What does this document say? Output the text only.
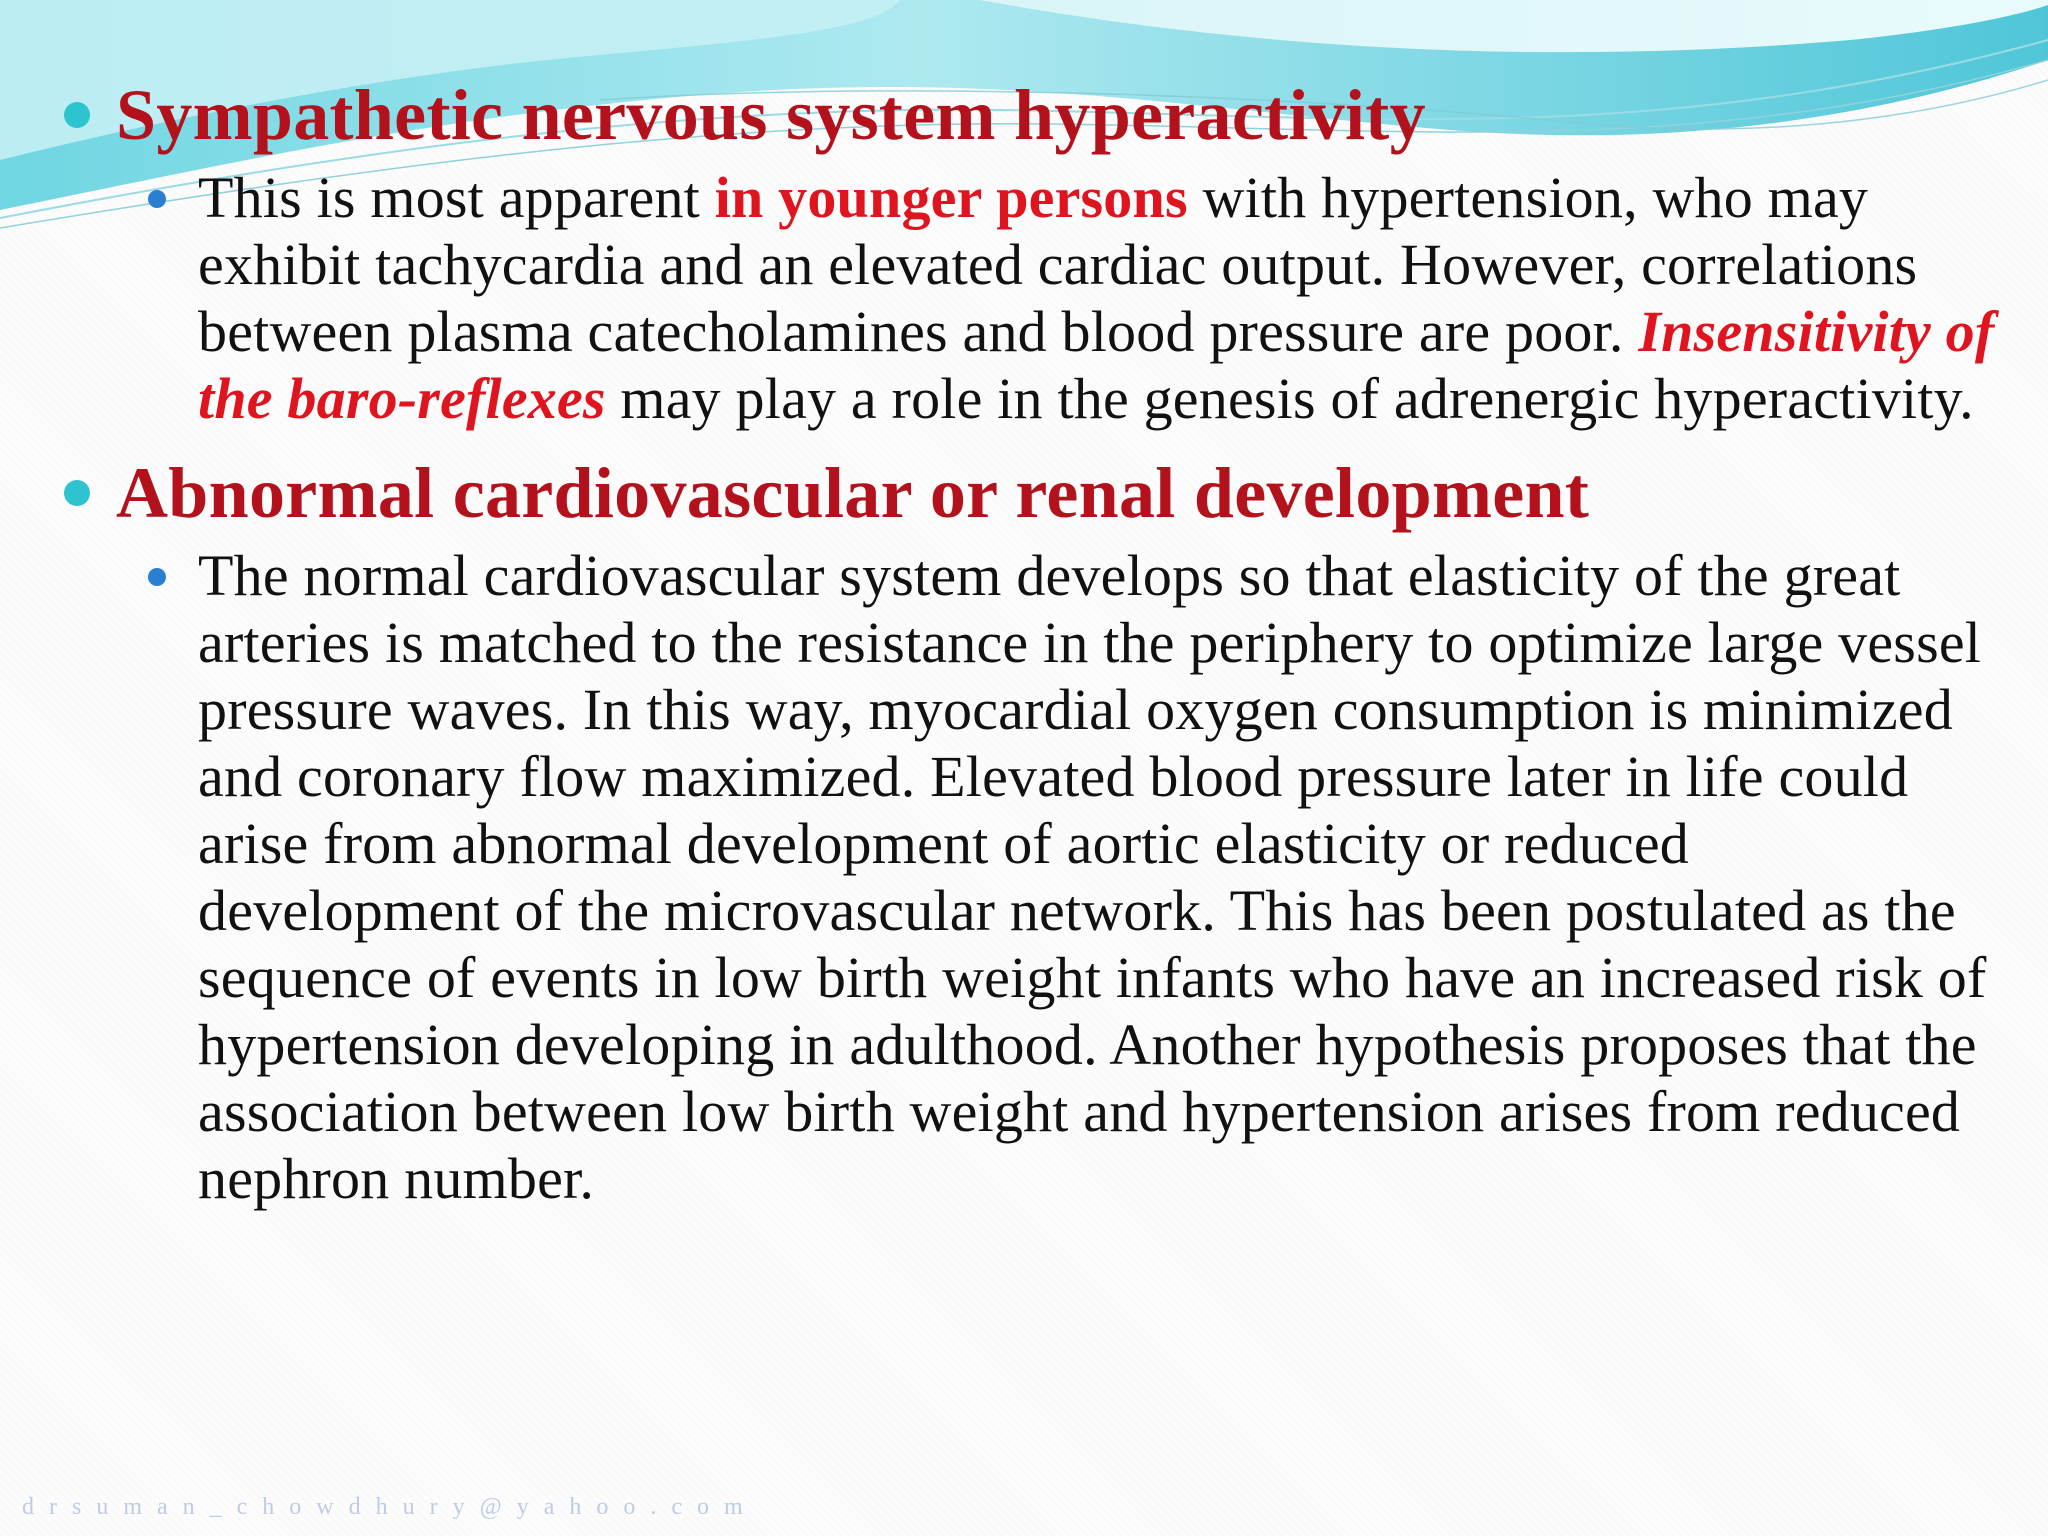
Sympathetic nervous system hyperactivity
This is most apparent in younger persons with hypertension, who may exhibit tachycardia and an elevated cardiac output. However, correlations between plasma catecholamines and blood pressure are poor. Insensitivity of the baro-reflexes may play a role in the genesis of adrenergic hyperactivity.
Abnormal cardiovascular or renal development
The normal cardiovascular system develops so that elasticity of the great arteries is matched to the resistance in the periphery to optimize large vessel pressure waves. In this way, myocardial oxygen consumption is minimized and coronary flow maximized. Elevated blood pressure later in life could arise from abnormal development of aortic elasticity or reduced development of the microvascular network. This has been postulated as the sequence of events in low birth weight infants who have an increased risk of hypertension developing in adulthood. Another hypothesis proposes that the association between low birth weight and hypertension arises from reduced nephron number.
drsuman_chowdhury@yahoo.com
